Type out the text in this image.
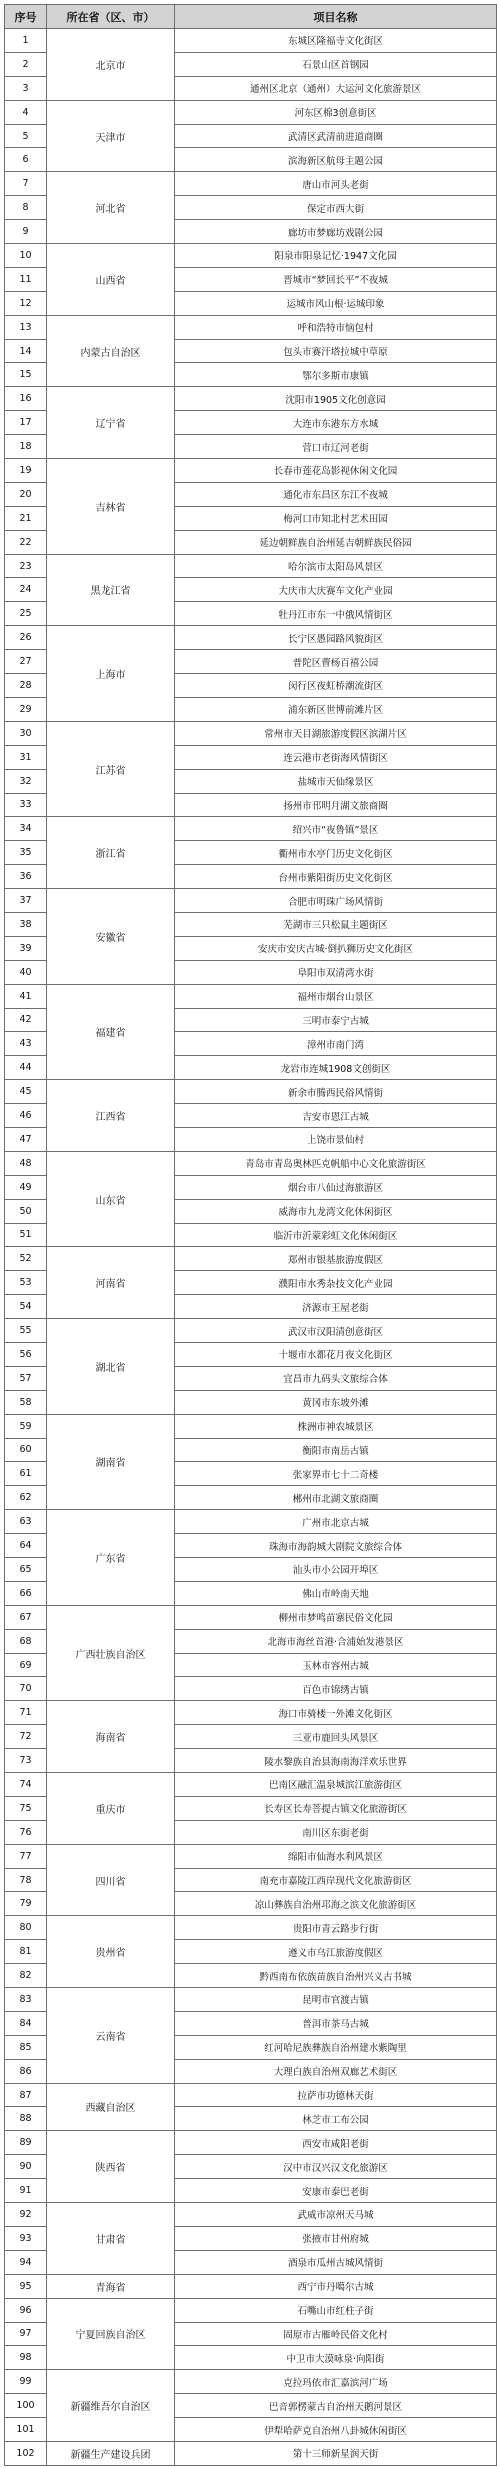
序号	所在省（区、市）	项目名称
1	北京市	东城区隆福寺文化街区
2		石景山区首钢园
3		通州区北京（通州）大运河文化旅游景区
4	天津市	河东区棉3创意街区
5		武清区武清前进道商圈
6		滨海新区航母主题公园
7	河北省	唐山市河头老街
8		保定市西大街
9		廊坊市梦廊坊戏剧公园
10	山西省	阳泉市阳泉记忆·1947文化园
11		晋城市“梦回长平”不夜城
12		运城市风山根·运城印象
13	内蒙古自治区	呼和浩特市恼包村
14		包头市赛汗塔拉城中草原
15		鄂尔多斯市康镇
16	辽宁省	沈阳市1905文化创意园
17		大连市东港东方水城
18		营口市辽河老街
19	吉林省	长春市莲花岛影视休闲文化园
20		通化市东昌区东江不夜城
21		梅河口市知北村艺术田园
22		延边朝鲜族自治州延吉朝鲜族民俗园
23	黑龙江省	哈尔滨市太阳岛风景区
24		大庆市大庆赛车文化产业园
25		牡丹江市东一中俄风情街区
26	上海市	长宁区愚园路风貌街区
27		普陀区曹杨百禧公园
28		闵行区夜虹桥潮流街区
29		浦东新区世博前滩片区
30	江苏省	常州市天目湖旅游度假区滨湖片区
31		连云港市老街海风情街区
32		盐城市天仙缘景区
33		扬州市邗明月湖文旅商圈
34	浙江省	绍兴市“夜鲁镇”景区
35		衢州市水亭门历史文化街区
36		台州市紫阳街历史文化街区
37	安徽省	合肥市明珠广场风情街
38		芜湖市三只松鼠主题街区
39		安庆市安庆古城·倒扒狮历史文化街区
40		阜阳市双清湾水街
41	福建省	福州市烟台山景区
42		三明市泰宁古城
43		漳州市南门湾
44		龙岩市连城1908文创街区
45	江西省	新余市腾西民俗风情街
46		吉安市恩江古城
47		上饶市景仙村
48	山东省	青岛市青岛奥林匹克帆船中心文化旅游街区
49		烟台市八仙过海旅游区
50		威海市九龙湾文化休闲街区
51		临沂市沂蒙彩虹文化休闲街区
52	河南省	郑州市银基旅游度假区
53		濮阳市水秀杂技文化产业园
54		济源市王屋老街
55	湖北省	武汉市汉阳清创意街区
56		十堰市水都花月夜文化街区
57		宜昌市九码头文旅综合体
58		黄冈市东坡外滩
59	湖南省	株洲市神农城景区
60		衡阳市南岳古镇
61		张家界市七十二奇楼
62		郴州市北湖文旅商圈
63	广东省	广州市北京古城
64		珠海市海韵城大剧院文旅综合体
65		汕头市小公园开埠区
66		佛山市岭南天地
67	广西壮族自治区	柳州市梦鸣苗寨民俗文化园
68		北海市海丝首港·合浦始发港景区
69		玉林市容州古城
70		百色市锦绣古镇
71	海南省	海口市骑楼一外滩文化街区
72		三亚市鹿回头风景区
73		陵水黎族自治县海南海洋欢乐世界
74	重庆市	巴南区融汇温泉城滨江旅游街区
75		长寿区长寿菩提古镇文化旅游街区
76		南川区东街老街
77	四川省	绵阳市仙海水利风景区
78		南充市嘉陵江西岸现代文化旅游街区
79		凉山彝族自治州邛海之滨文化旅游街区
80	贵州省	贵阳市青云路步行街
81		遵义市乌江旅游度假区
82		黔西南布依族苗族自治州兴义古书城
83	云南省	昆明市官渡古镇
84		普洱市茶马古城
85		红河哈尼族彝族自治州建水紫陶里
86		大理白族自治州双廊艺术街区
87	西藏自治区	拉萨市功德林天街
88		林芝市工布公园
89	陕西省	西安市咸阳老街
90		汉中市汉兴汉文化旅游区
91		安康市泰巴老街
92	甘肃省	武威市凉州天马城
93		张掖市甘州府城
94		酒泉市瓜州古城风情街
95	青海省	西宁市丹噶尔古城
96	宁夏回族自治区	石嘴山市红柱子街
97		固原市古雁岭民俗文化村
98		中卫市大漠咏泉·向阳街
99	新疆维吾尔自治区	克拉玛依市汇嘉滨河广场
100		巴音郭楞蒙古自治州天鹅河景区
101		伊犁哈萨克自治州八卦城休闲街区
102	新疆生产建设兵团	第十三师新星润天街
